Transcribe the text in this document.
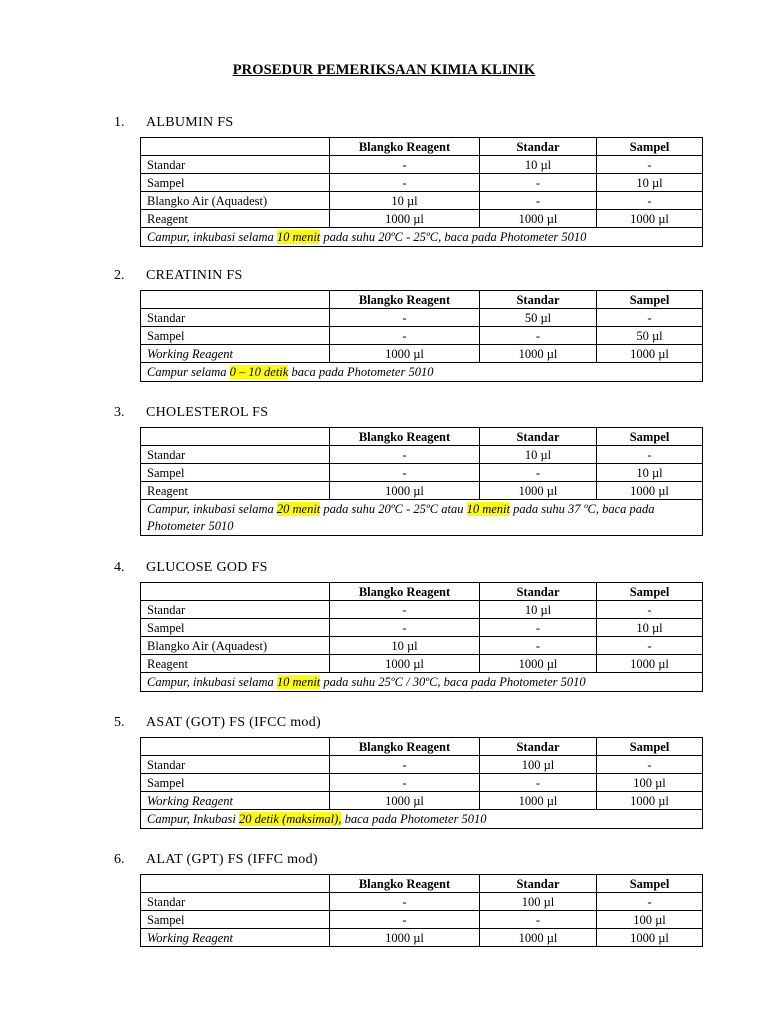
PROSEDUR PEMERIKSAAN KIMIA KLINIK
1. ALBUMIN FS
	Blangko Reagent	Standar	Sampel
Standar	-	10 µl	-
Sampel	-	-	10 µl
Blangko Air (Aquadest)	10 µl	-	-
Reagent	1000 µl	1000 µl	1000 µl
Campur, inkubasi selama 10 menit pada suhu 20ºC - 25ºC, baca pada Photometer 5010			
2. CREATININ FS
	Blangko Reagent	Standar	Sampel
Standar	-	50 µl	-
Sampel	-	-	50 µl
Working Reagent	1000 µl	1000 µl	1000 µl
Campur selama 0 – 10 detik baca pada Photometer 5010			
3. CHOLESTEROL FS
	Blangko Reagent	Standar	Sampel
Standar	-	10 µl	-
Sampel	-	-	10 µl
Reagent	1000 µl	1000 µl	1000 µl
Campur, inkubasi selama 20 menit pada suhu 20ºC - 25ºC atau 10 menit pada suhu 37 ºC, baca pada Photometer 5010			
4. GLUCOSE GOD FS
	Blangko Reagent	Standar	Sampel
Standar	-	10 µl	-
Sampel	-	-	10 µl
Blangko Air (Aquadest)	10 µl	-	-
Reagent	1000 µl	1000 µl	1000 µl
Campur, inkubasi selama 10 menit pada suhu 25ºC / 30ºC, baca pada Photometer 5010			
5. ASAT (GOT) FS (IFCC mod)
	Blangko Reagent	Standar	Sampel
Standar	-	100 µl	-
Sampel	-	-	100 µl
Working Reagent	1000 µl	1000 µl	1000 µl
Campur, Inkubasi 20 detik (maksimal), baca pada Photometer 5010			
6. ALAT (GPT) FS (IFFC mod)
	Blangko Reagent	Standar	Sampel
Standar	-	100 µl	-
Sampel	-	-	100 µl
Working Reagent	1000 µl	1000 µl	1000 µl
